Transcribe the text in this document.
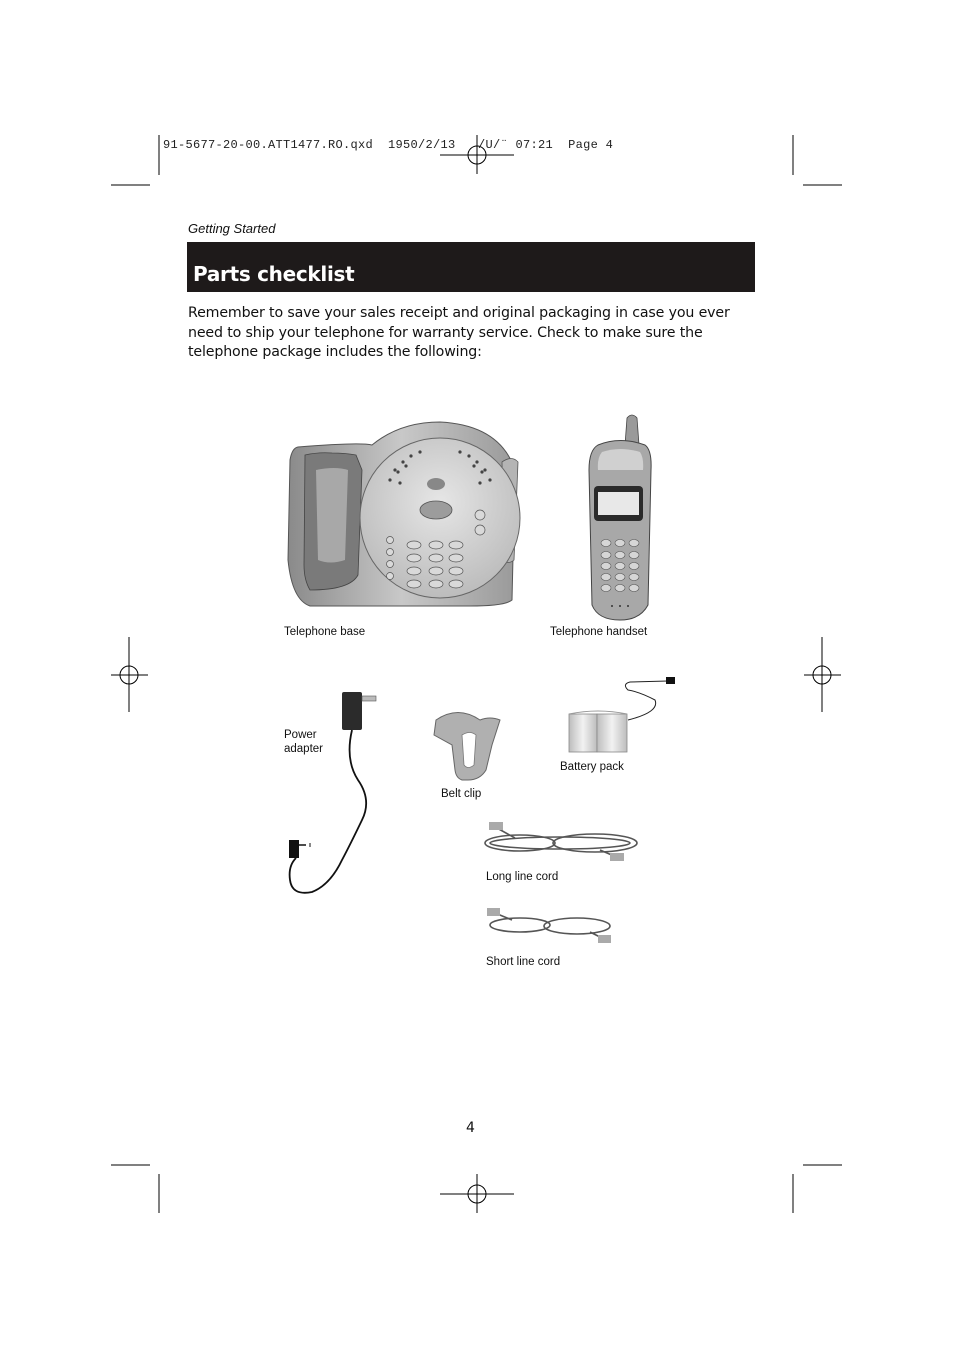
91-5677-20-00.ATT1477.RO.qxd  1950/2/13   /U/¨ 07:21  Page 4
Getting Started
Parts checklist
Remember to save your sales receipt and original packaging in case you ever need to ship your telephone for warranty service. Check to make sure the telephone package includes the following:
Telephone base	Telephone handset
Power
adapter
Belt clip
Battery pack
Long line cord
Short line cord
4
